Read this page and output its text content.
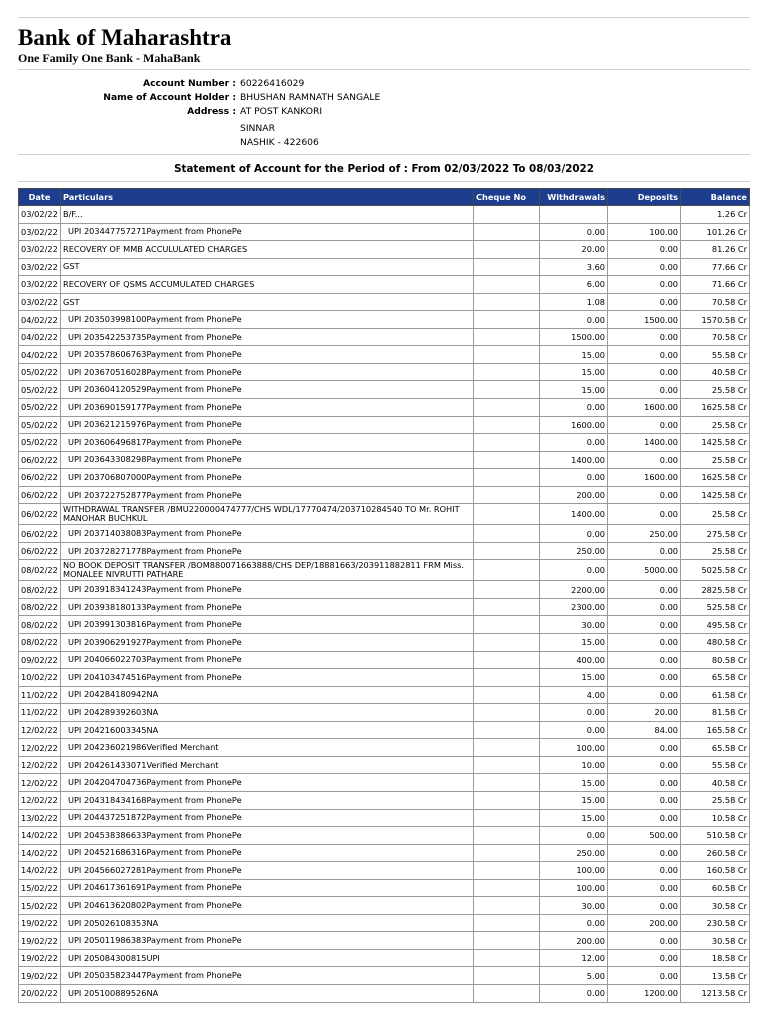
Bank of Maharashtra
One Family One Bank - MahaBank
Account Number : 60226416029
Name of Account Holder : BHUSHAN RAMNATH SANGALE
Address : AT POST KANKORI
SINNAR
NASHIK - 422606
Statement of Account for the Period of : From 02/03/2022 To 08/03/2022
Date	Particulars	Cheque No	Withdrawals	Deposits	Balance
03/02/22	B/F...				1.26 Cr
03/02/22	UPI 203447757271Payment from PhonePe		0.00	100.00	101.26 Cr
03/02/22	RECOVERY OF MMB ACCULULATED CHARGES		20.00	0.00	81.26 Cr
03/02/22	GST		3.60	0.00	77.66 Cr
03/02/22	RECOVERY OF QSMS ACCUMULATED CHARGES		6.00	0.00	71.66 Cr
03/02/22	GST		1.08	0.00	70.58 Cr
04/02/22	UPI 203503998100Payment from PhonePe		0.00	1500.00	1570.58 Cr
04/02/22	UPI 203542253735Payment from PhonePe		1500.00	0.00	70.58 Cr
04/02/22	UPI 203578606763Payment from PhonePe		15.00	0.00	55.58 Cr
05/02/22	UPI 203670516028Payment from PhonePe		15.00	0.00	40.58 Cr
05/02/22	UPI 203604120529Payment from PhonePe		15.00	0.00	25.58 Cr
05/02/22	UPI 203690159177Payment from PhonePe		0.00	1600.00	1625.58 Cr
05/02/22	UPI 203621215976Payment from PhonePe		1600.00	0.00	25.58 Cr
05/02/22	UPI 203606496817Payment from PhonePe		0.00	1400.00	1425.58 Cr
06/02/22	UPI 203643308298Payment from PhonePe		1400.00	0.00	25.58 Cr
06/02/22	UPI 203706807000Payment from PhonePe		0.00	1600.00	1625.58 Cr
06/02/22	UPI 203722752877Payment from PhonePe		200.00	0.00	1425.58 Cr
06/02/22	WITHDRAWAL TRANSFER /BMU220000474777/CHS WDL/17770474/203710284540 TO Mr. ROHIT MANOHAR BUCHKUL		1400.00	0.00	25.58 Cr
06/02/22	UPI 203714038083Payment from PhonePe		0.00	250.00	275.58 Cr
06/02/22	UPI 203728271778Payment from PhonePe		250.00	0.00	25.58 Cr
08/02/22	NO BOOK DEPOSIT TRANSFER /BOM880071663888/CHS DEP/18881663/203911882811 FRM Miss. MONALEE NIVRUTTI PATHARE		0.00	5000.00	5025.58 Cr
08/02/22	UPI 203918341243Payment from PhonePe		2200.00	0.00	2825.58 Cr
08/02/22	UPI 203938180133Payment from PhonePe		2300.00	0.00	525.58 Cr
08/02/22	UPI 203991303816Payment from PhonePe		30.00	0.00	495.58 Cr
08/02/22	UPI 203906291927Payment from PhonePe		15.00	0.00	480.58 Cr
09/02/22	UPI 204066022703Payment from PhonePe		400.00	0.00	80.58 Cr
10/02/22	UPI 204103474516Payment from PhonePe		15.00	0.00	65.58 Cr
11/02/22	UPI 204284180942NA		4.00	0.00	61.58 Cr
11/02/22	UPI 204289392603NA		0.00	20.00	81.58 Cr
12/02/22	UPI 204216003345NA		0.00	84.00	165.58 Cr
12/02/22	UPI 204236021986Verified Merchant		100.00	0.00	65.58 Cr
12/02/22	UPI 204261433071Verified Merchant		10.00	0.00	55.58 Cr
12/02/22	UPI 204204704736Payment from PhonePe		15.00	0.00	40.58 Cr
12/02/22	UPI 204318434168Payment from PhonePe		15.00	0.00	25.58 Cr
13/02/22	UPI 204437251872Payment from PhonePe		15.00	0.00	10.58 Cr
14/02/22	UPI 204538386633Payment from PhonePe		0.00	500.00	510.58 Cr
14/02/22	UPI 204521686316Payment from PhonePe		250.00	0.00	260.58 Cr
14/02/22	UPI 204566027281Payment from PhonePe		100.00	0.00	160.58 Cr
15/02/22	UPI 204617361691Payment from PhonePe		100.00	0.00	60.58 Cr
15/02/22	UPI 204613620802Payment from PhonePe		30.00	0.00	30.58 Cr
19/02/22	UPI 205026108353NA		0.00	200.00	230.58 Cr
19/02/22	UPI 205011986383Payment from PhonePe		200.00	0.00	30.58 Cr
19/02/22	UPI 205084300815UPI		12.00	0.00	18.58 Cr
19/02/22	UPI 205035823447Payment from PhonePe		5.00	0.00	13.58 Cr
20/02/22	UPI 205100889526NA		0.00	1200.00	1213.58 Cr
